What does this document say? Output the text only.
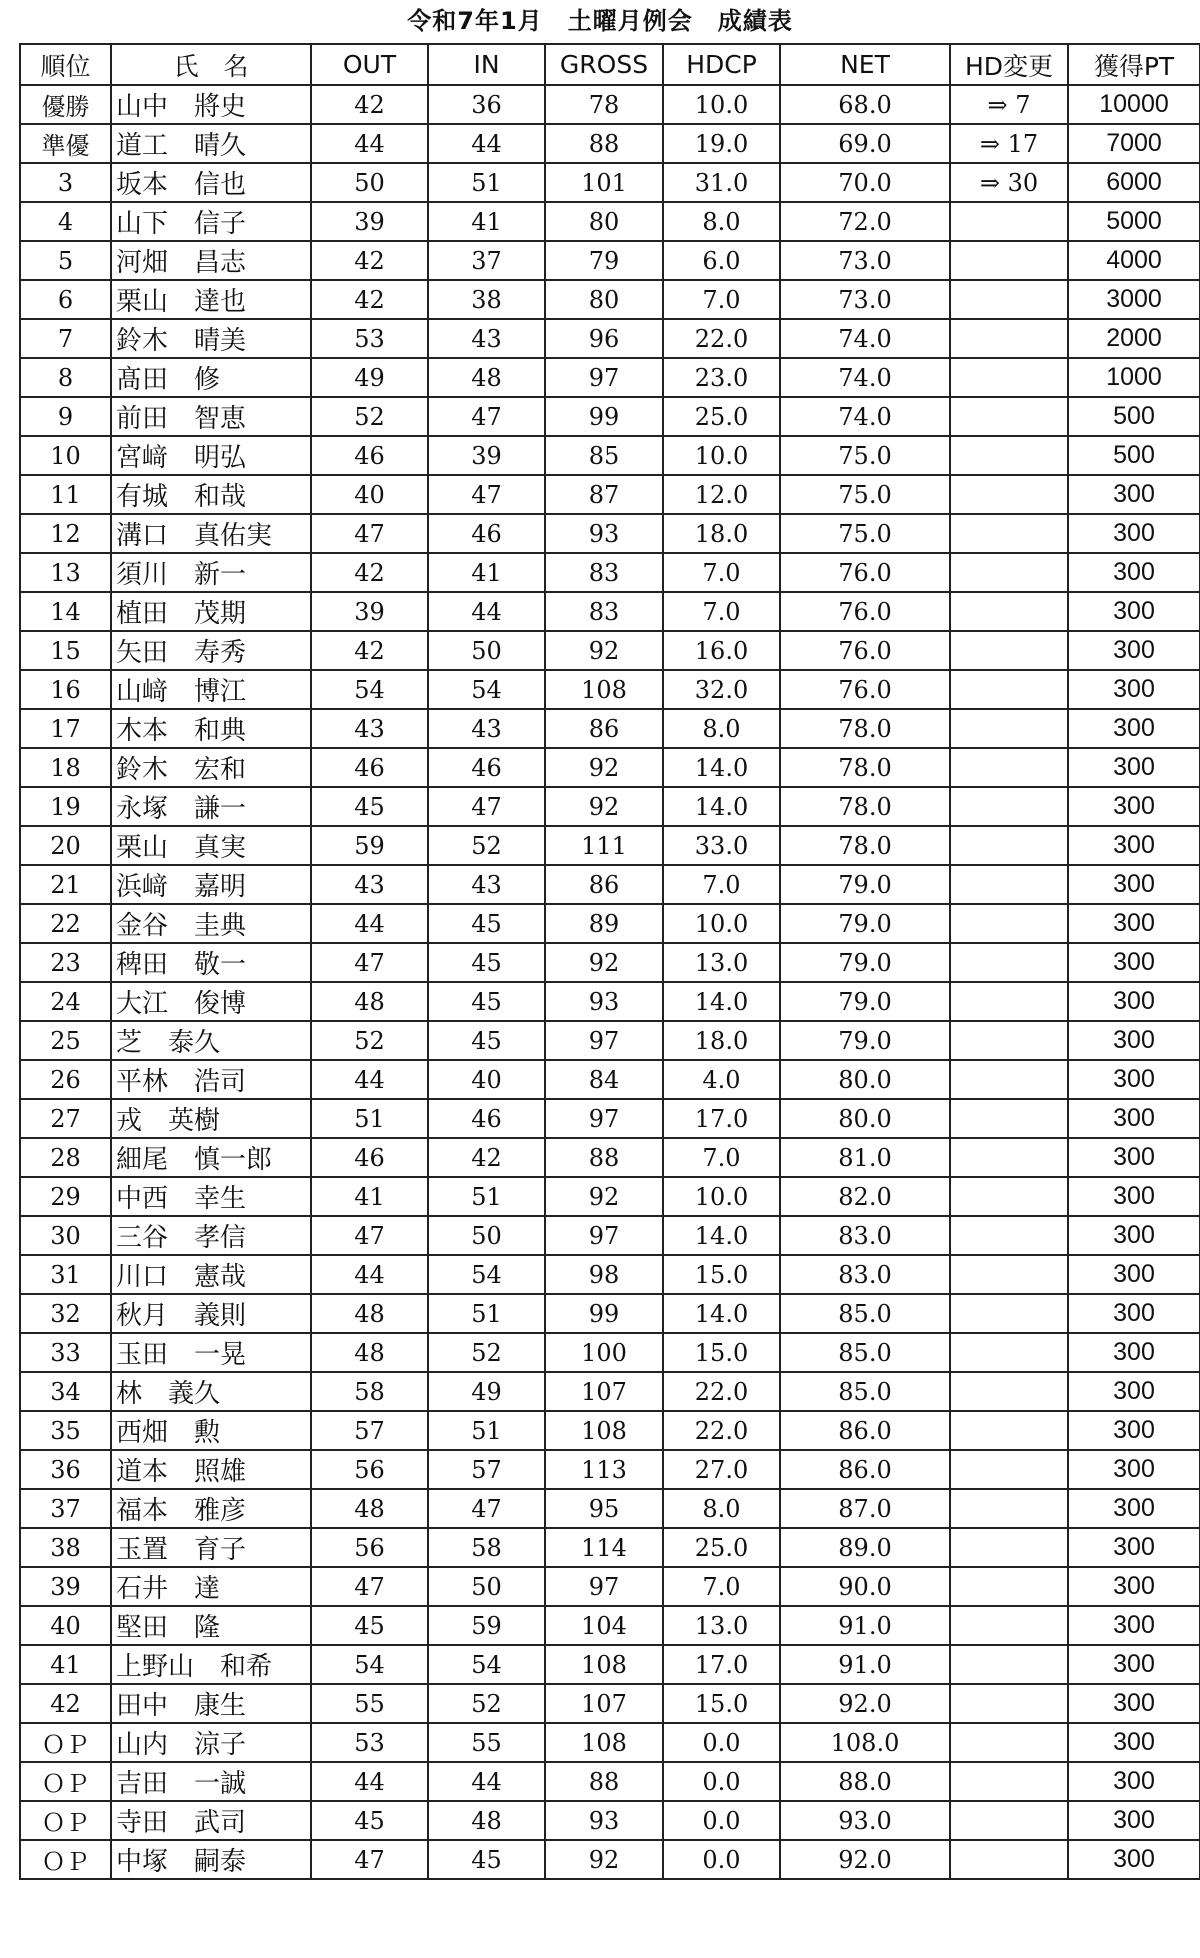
令和7年1月　土曜月例会　成績表
順位	氏　名	OUT	IN	GROSS	HDCP	NET	HD変更	獲得PT
優勝	山中　將史	42	36	78	10.0	68.0	⇒ 7	10000
準優	道工　晴久	44	44	88	19.0	69.0	⇒ 17	7000
3	坂本　信也	50	51	101	31.0	70.0	⇒ 30	6000
4	山下　信子	39	41	80	8.0	72.0		5000
5	河畑　昌志	42	37	79	6.0	73.0		4000
6	栗山　達也	42	38	80	7.0	73.0		3000
7	鈴木　晴美	53	43	96	22.0	74.0		2000
8	髙田　修	49	48	97	23.0	74.0		1000
9	前田　智恵	52	47	99	25.0	74.0		500
10	宮﨑　明弘	46	39	85	10.0	75.0		500
11	有城　和哉	40	47	87	12.0	75.0		300
12	溝口　真佑実	47	46	93	18.0	75.0		300
13	須川　新一	42	41	83	7.0	76.0		300
14	植田　茂期	39	44	83	7.0	76.0		300
15	矢田　寿秀	42	50	92	16.0	76.0		300
16	山﨑　博江	54	54	108	32.0	76.0		300
17	木本　和典	43	43	86	8.0	78.0		300
18	鈴木　宏和	46	46	92	14.0	78.0		300
19	永塚　謙一	45	47	92	14.0	78.0		300
20	栗山　真実	59	52	111	33.0	78.0		300
21	浜﨑　嘉明	43	43	86	7.0	79.0		300
22	金谷　圭典	44	45	89	10.0	79.0		300
23	稗田　敬一	47	45	92	13.0	79.0		300
24	大江　俊博	48	45	93	14.0	79.0		300
25	芝　泰久	52	45	97	18.0	79.0		300
26	平林　浩司	44	40	84	4.0	80.0		300
27	戎　英樹	51	46	97	17.0	80.0		300
28	細尾　慎一郎	46	42	88	7.0	81.0		300
29	中西　幸生	41	51	92	10.0	82.0		300
30	三谷　孝信	47	50	97	14.0	83.0		300
31	川口　憲哉	44	54	98	15.0	83.0		300
32	秋月　義則	48	51	99	14.0	85.0		300
33	玉田　一晃	48	52	100	15.0	85.0		300
34	林　義久	58	49	107	22.0	85.0		300
35	西畑　勲	57	51	108	22.0	86.0		300
36	道本　照雄	56	57	113	27.0	86.0		300
37	福本　雅彦	48	47	95	8.0	87.0		300
38	玉置　育子	56	58	114	25.0	89.0		300
39	石井　達	47	50	97	7.0	90.0		300
40	堅田　隆	45	59	104	13.0	91.0		300
41	上野山　和希	54	54	108	17.0	91.0		300
42	田中　康生	55	52	107	15.0	92.0		300
ＯＰ	山内　涼子	53	55	108	0.0	108.0		300
ＯＰ	吉田　一誠	44	44	88	0.0	88.0		300
ＯＰ	寺田　武司	45	48	93	0.0	93.0		300
ＯＰ	中塚　嗣泰	47	45	92	0.0	92.0		300
